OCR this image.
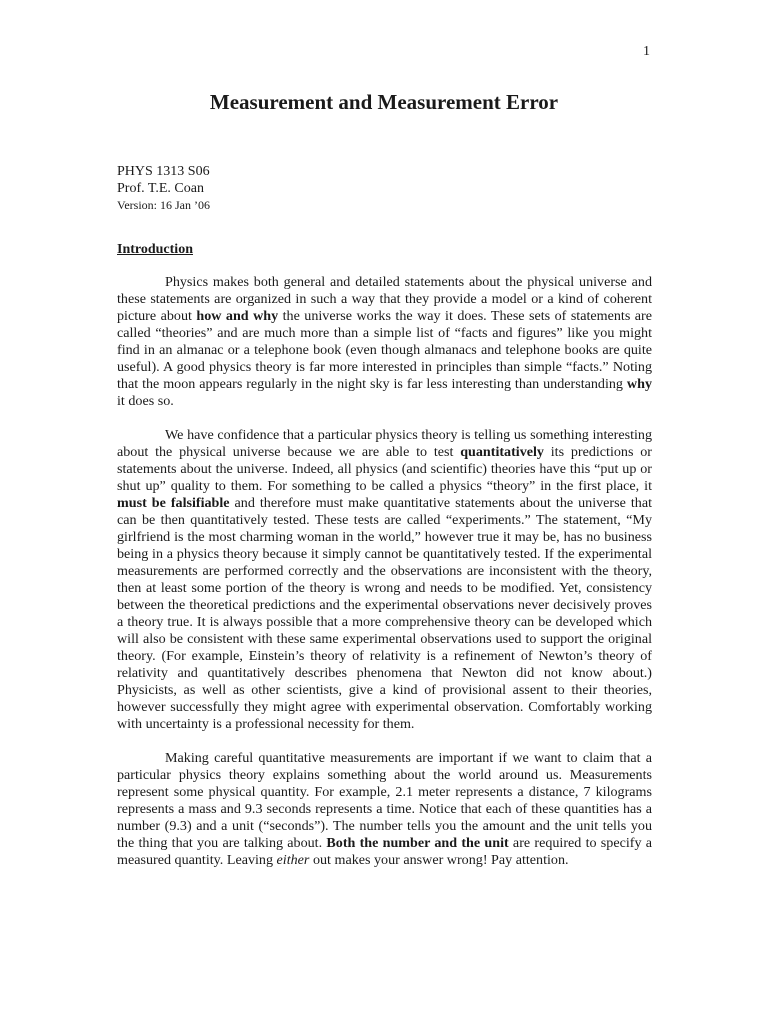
1
Measurement and Measurement Error
PHYS 1313 S06
Prof. T.E. Coan
Version: 16 Jan ’06
Introduction

Physics makes both general and detailed statements about the physical universe and these statements are organized in such a way that they provide a model or a kind of coherent picture about how and why the universe works the way it does. These sets of statements are called “theories” and are much more than a simple list of “facts and figures” like you might find in an almanac or a telephone book (even though almanacs and telephone books are quite useful). A good physics theory is far more interested in principles than simple “facts.” Noting that the moon appears regularly in the night sky is far less interesting than understanding why it does so.

We have confidence that a particular physics theory is telling us something interesting about the physical universe because we are able to test quantitatively its predictions or statements about the universe. Indeed, all physics (and scientific) theories have this “put up or shut up” quality to them. For something to be called a physics “theory” in the first place, it must be falsifiable and therefore must make quantitative statements about the universe that can be then quantitatively tested. These tests are called “experiments.” The statement, “My girlfriend is the most charming woman in the world,” however true it may be, has no business being in a physics theory because it simply cannot be quantitatively tested. If the experimental measurements are performed correctly and the observations are inconsistent with the theory, then at least some portion of the theory is wrong and needs to be modified. Yet, consistency between the theoretical predictions and the experimental observations never decisively proves a theory true. It is always possible that a more comprehensive theory can be developed which will also be consistent with these same experimental observations used to support the original theory. (For example, Einstein’s theory of relativity is a refinement of Newton’s theory of relativity and quantitatively describes phenomena that Newton did not know about.) Physicists, as well as other scientists, give a kind of provisional assent to their theories, however successfully they might agree with experimental observation. Comfortably working with uncertainty is a professional necessity for them.

Making careful quantitative measurements are important if we want to claim that a particular physics theory explains something about the world around us. Measurements represent some physical quantity. For example, 2.1 meter represents a distance, 7 kilograms represents a mass and 9.3 seconds represents a time. Notice that each of these quantities has a number (9.3) and a unit (“seconds”). The number tells you the amount and the unit tells you the thing that you are talking about. Both the number and the unit are required to specify a measured quantity. Leaving either out makes your answer wrong! Pay attention.
